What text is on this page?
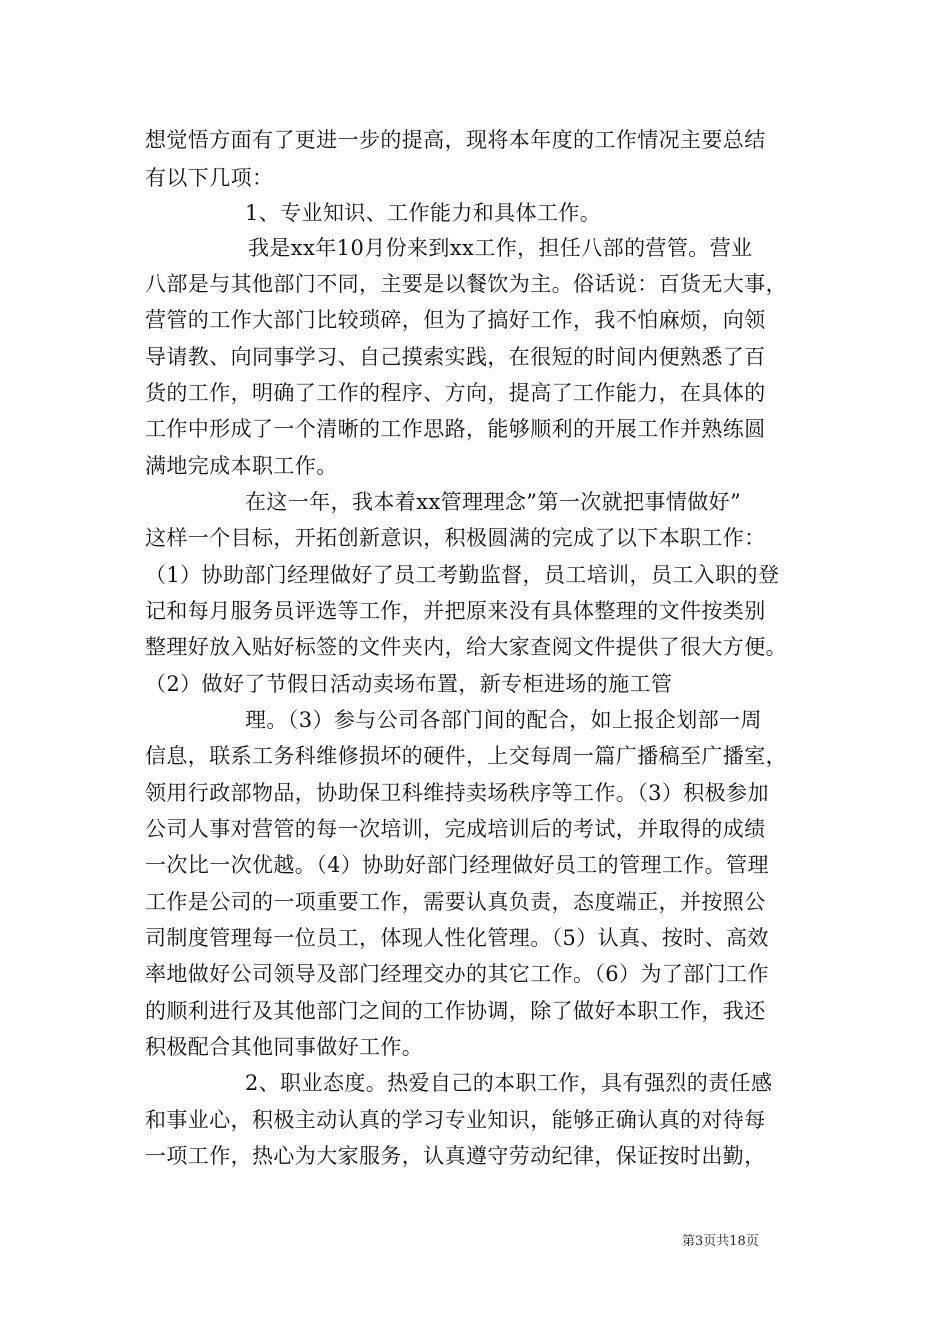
想觉悟方面有了更进一步的提高，现将本年度的工作情况主要总结
有以下几项：
1、专业知识、工作能力和具体工作。
我是xx年10月份来到xx工作，担任八部的营管。营业
八部是与其他部门不同，主要是以餐饮为主。俗话说：百货无大事，
营管的工作大部门比较琐碎，但为了搞好工作，我不怕麻烦，向领
导请教、向同事学习、自己摸索实践，在很短的时间内便熟悉了百
货的工作，明确了工作的程序、方向，提高了工作能力，在具体的
工作中形成了一个清晰的工作思路，能够顺利的开展工作并熟练圆
满地完成本职工作。
在这一年，我本着xx管理理念”第一次就把事情做好”
这样一个目标，开拓创新意识，积极圆满的完成了以下本职工作：
（1）协助部门经理做好了员工考勤监督，员工培训，员工入职的登
记和每月服务员评选等工作，并把原来没有具体整理的文件按类别
整理好放入贴好标签的文件夹内，给大家查阅文件提供了很大方便。
（2）做好了节假日活动卖场布置，新专柜进场的施工管
理。（3）参与公司各部门间的配合，如上报企划部一周
信息，联系工务科维修损坏的硬件，上交每周一篇广播稿至广播室，
领用行政部物品，协助保卫科维持卖场秩序等工作。（3）积极参加
公司人事对营管的每一次培训，完成培训后的考试，并取得的成绩
一次比一次优越。（4）协助好部门经理做好员工的管理工作。管理
工作是公司的一项重要工作，需要认真负责，态度端正，并按照公
司制度管理每一位员工，体现人性化管理。（5）认真、按时、高效
率地做好公司领导及部门经理交办的其它工作。（6）为了部门工作
的顺利进行及其他部门之间的工作协调，除了做好本职工作，我还
积极配合其他同事做好工作。
2、职业态度。热爱自己的本职工作，具有强烈的责任感
和事业心，积极主动认真的学习专业知识，能够正确认真的对待每
一项工作，热心为大家服务，认真遵守劳动纪律，保证按时出勤，
第3页共18页
